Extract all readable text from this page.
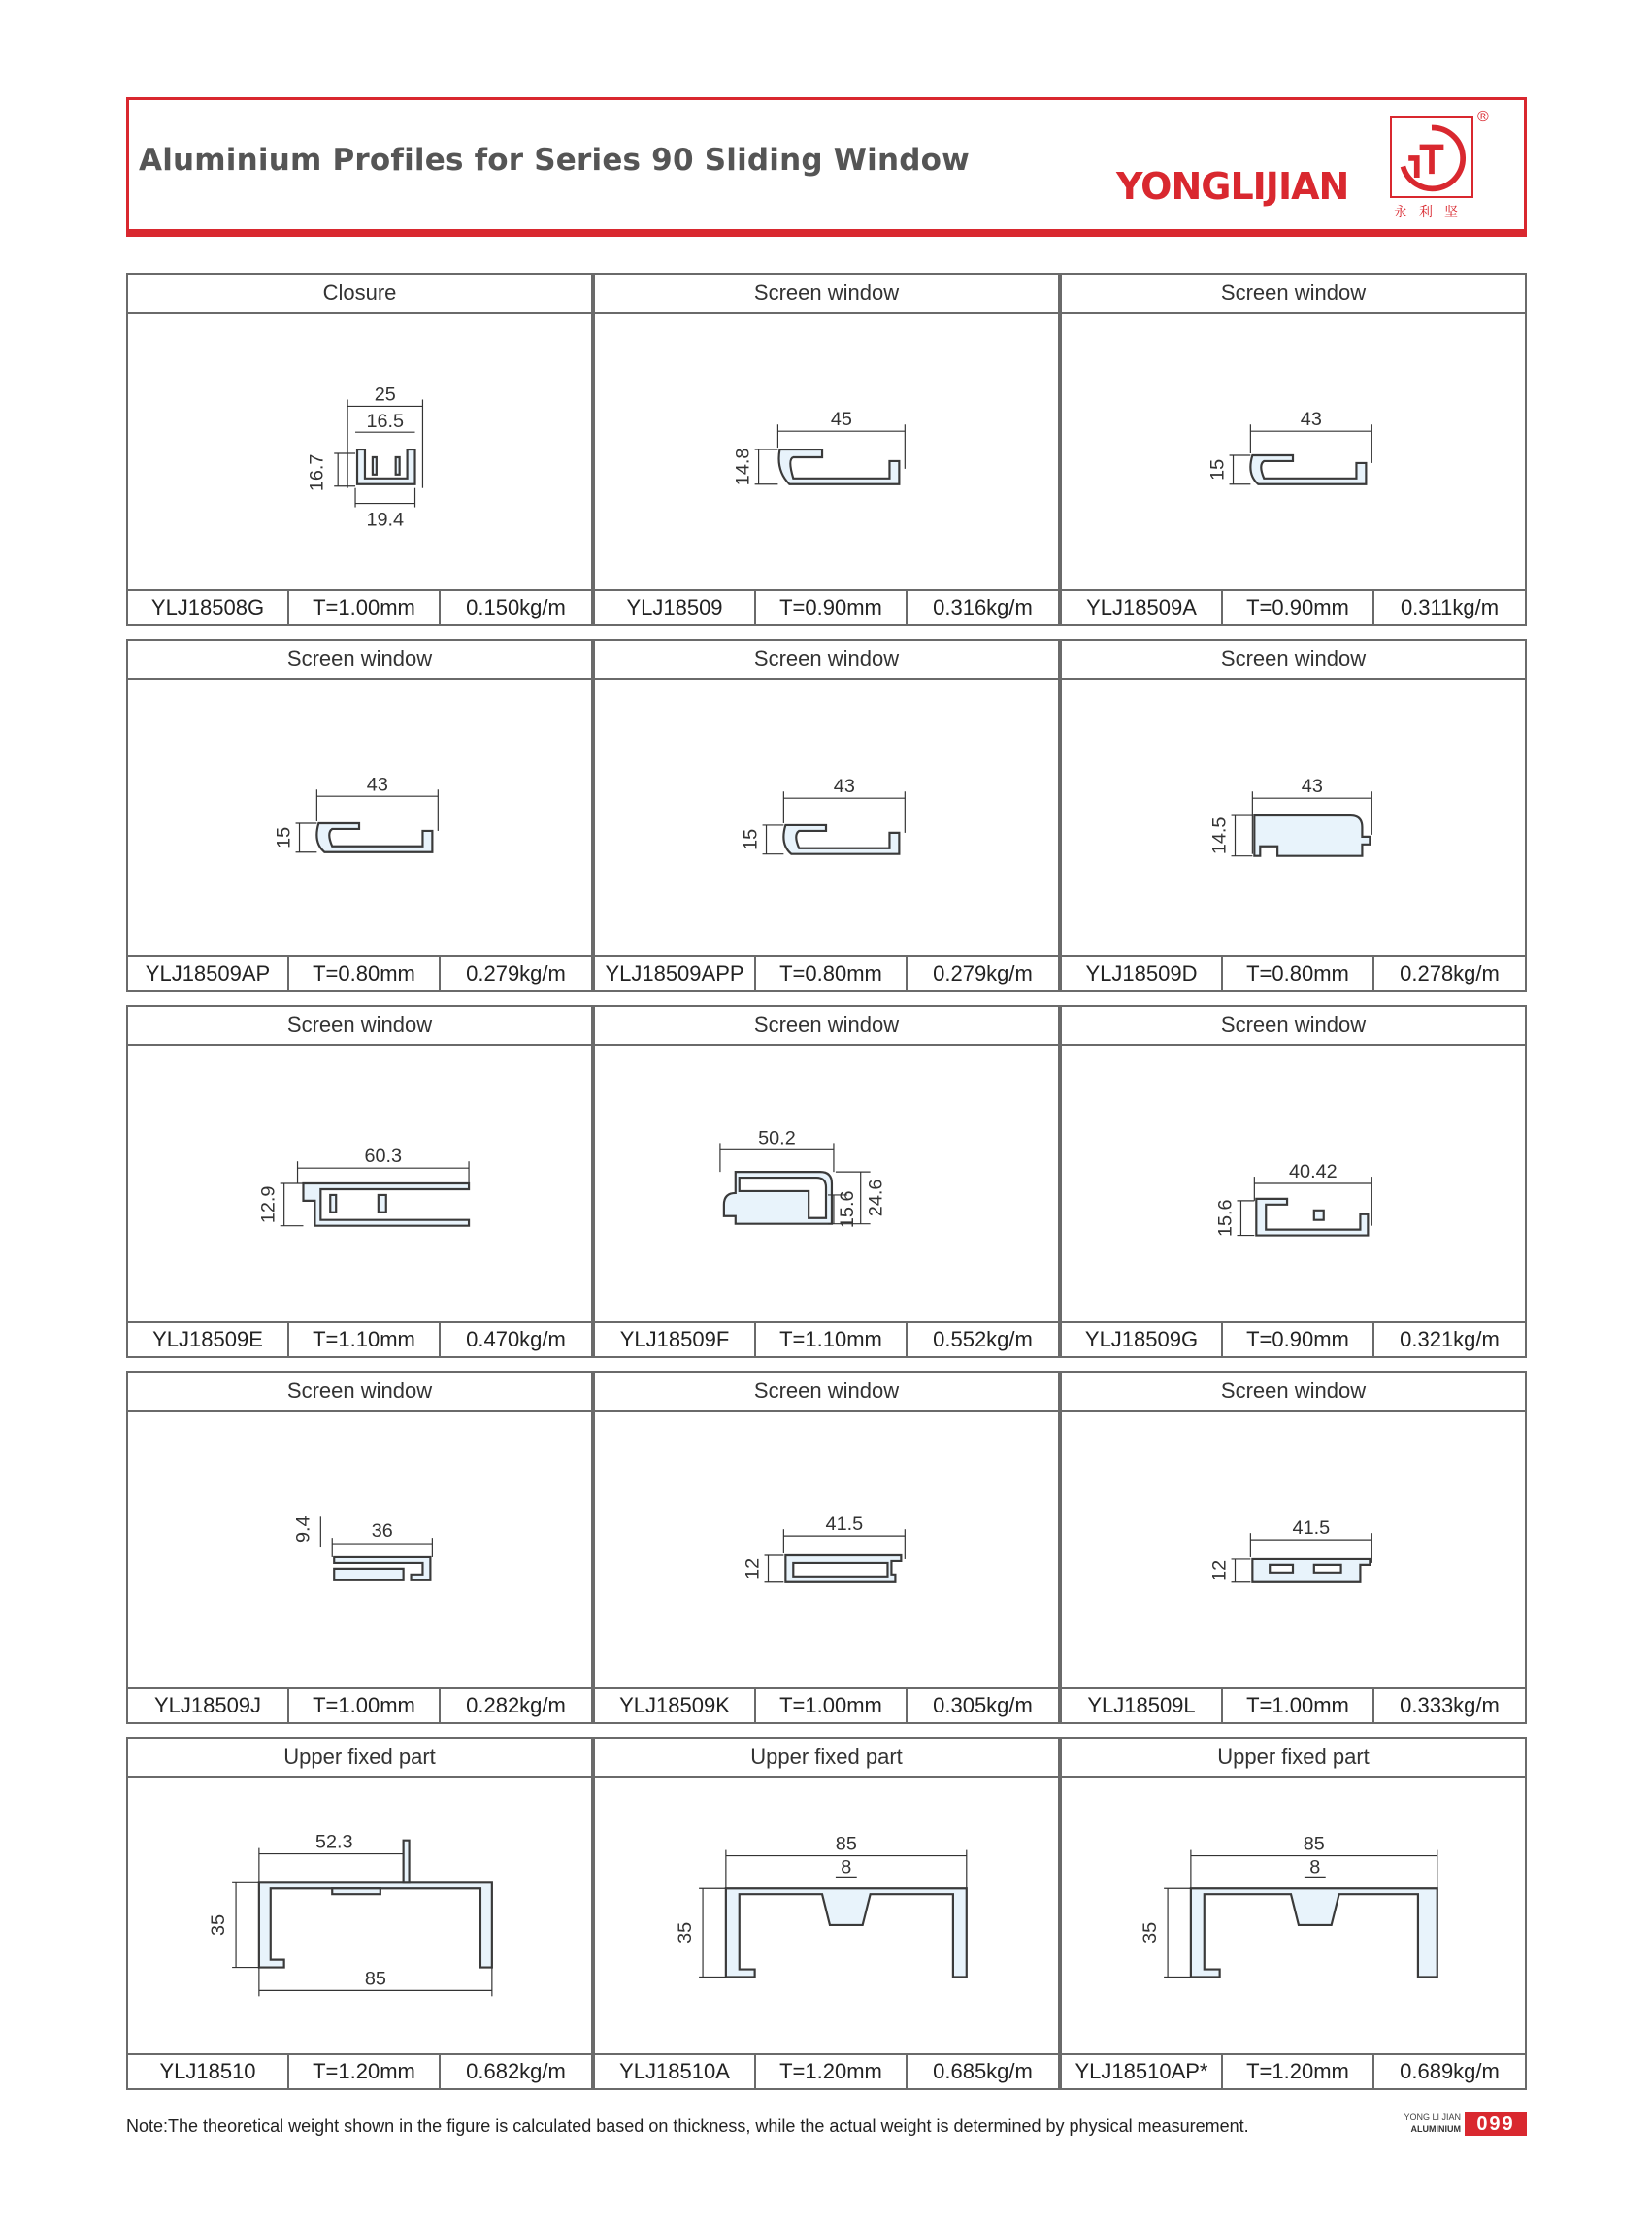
Aluminium Profiles for Series 90 Sliding Window
YONGLIJIAN
®
永利坚
Closure
25
16.5
16.7
19.4
YLJ18508G	T=1.00mm	0.150kg/m
Screen window
45
14.8
YLJ18509	T=0.90mm	0.316kg/m
Screen window
43
15
YLJ18509A	T=0.90mm	0.311kg/m
Screen window
43
15
YLJ18509AP	T=0.80mm	0.279kg/m
Screen window
43
15
YLJ18509APP	T=0.80mm	0.279kg/m
Screen window
43
14.5
YLJ18509D	T=0.80mm	0.278kg/m
Screen window
60.3
12.9
YLJ18509E	T=1.10mm	0.470kg/m
Screen window
50.2
15.6 24.6
YLJ18509F	T=1.10mm	0.552kg/m
Screen window
40.42
15.6
YLJ18509G	T=0.90mm	0.321kg/m
Screen window
36
9.4
YLJ18509J	T=1.00mm	0.282kg/m
Screen window
41.5
12
YLJ18509K	T=1.00mm	0.305kg/m
Screen window
41.5
12
YLJ18509L	T=1.00mm	0.333kg/m
Upper fixed part
52.3
35
85
YLJ18510	T=1.20mm	0.682kg/m
Upper fixed part
85
8
35
YLJ18510A	T=1.20mm	0.685kg/m
Upper fixed part
85
8
35
YLJ18510AP*	T=1.20mm	0.689kg/m
Note:The theoretical weight shown in the figure is calculated based on thickness, while the actual weight is determined by physical measurement.	YONG LI JIAN
ALUMINIUM 099
